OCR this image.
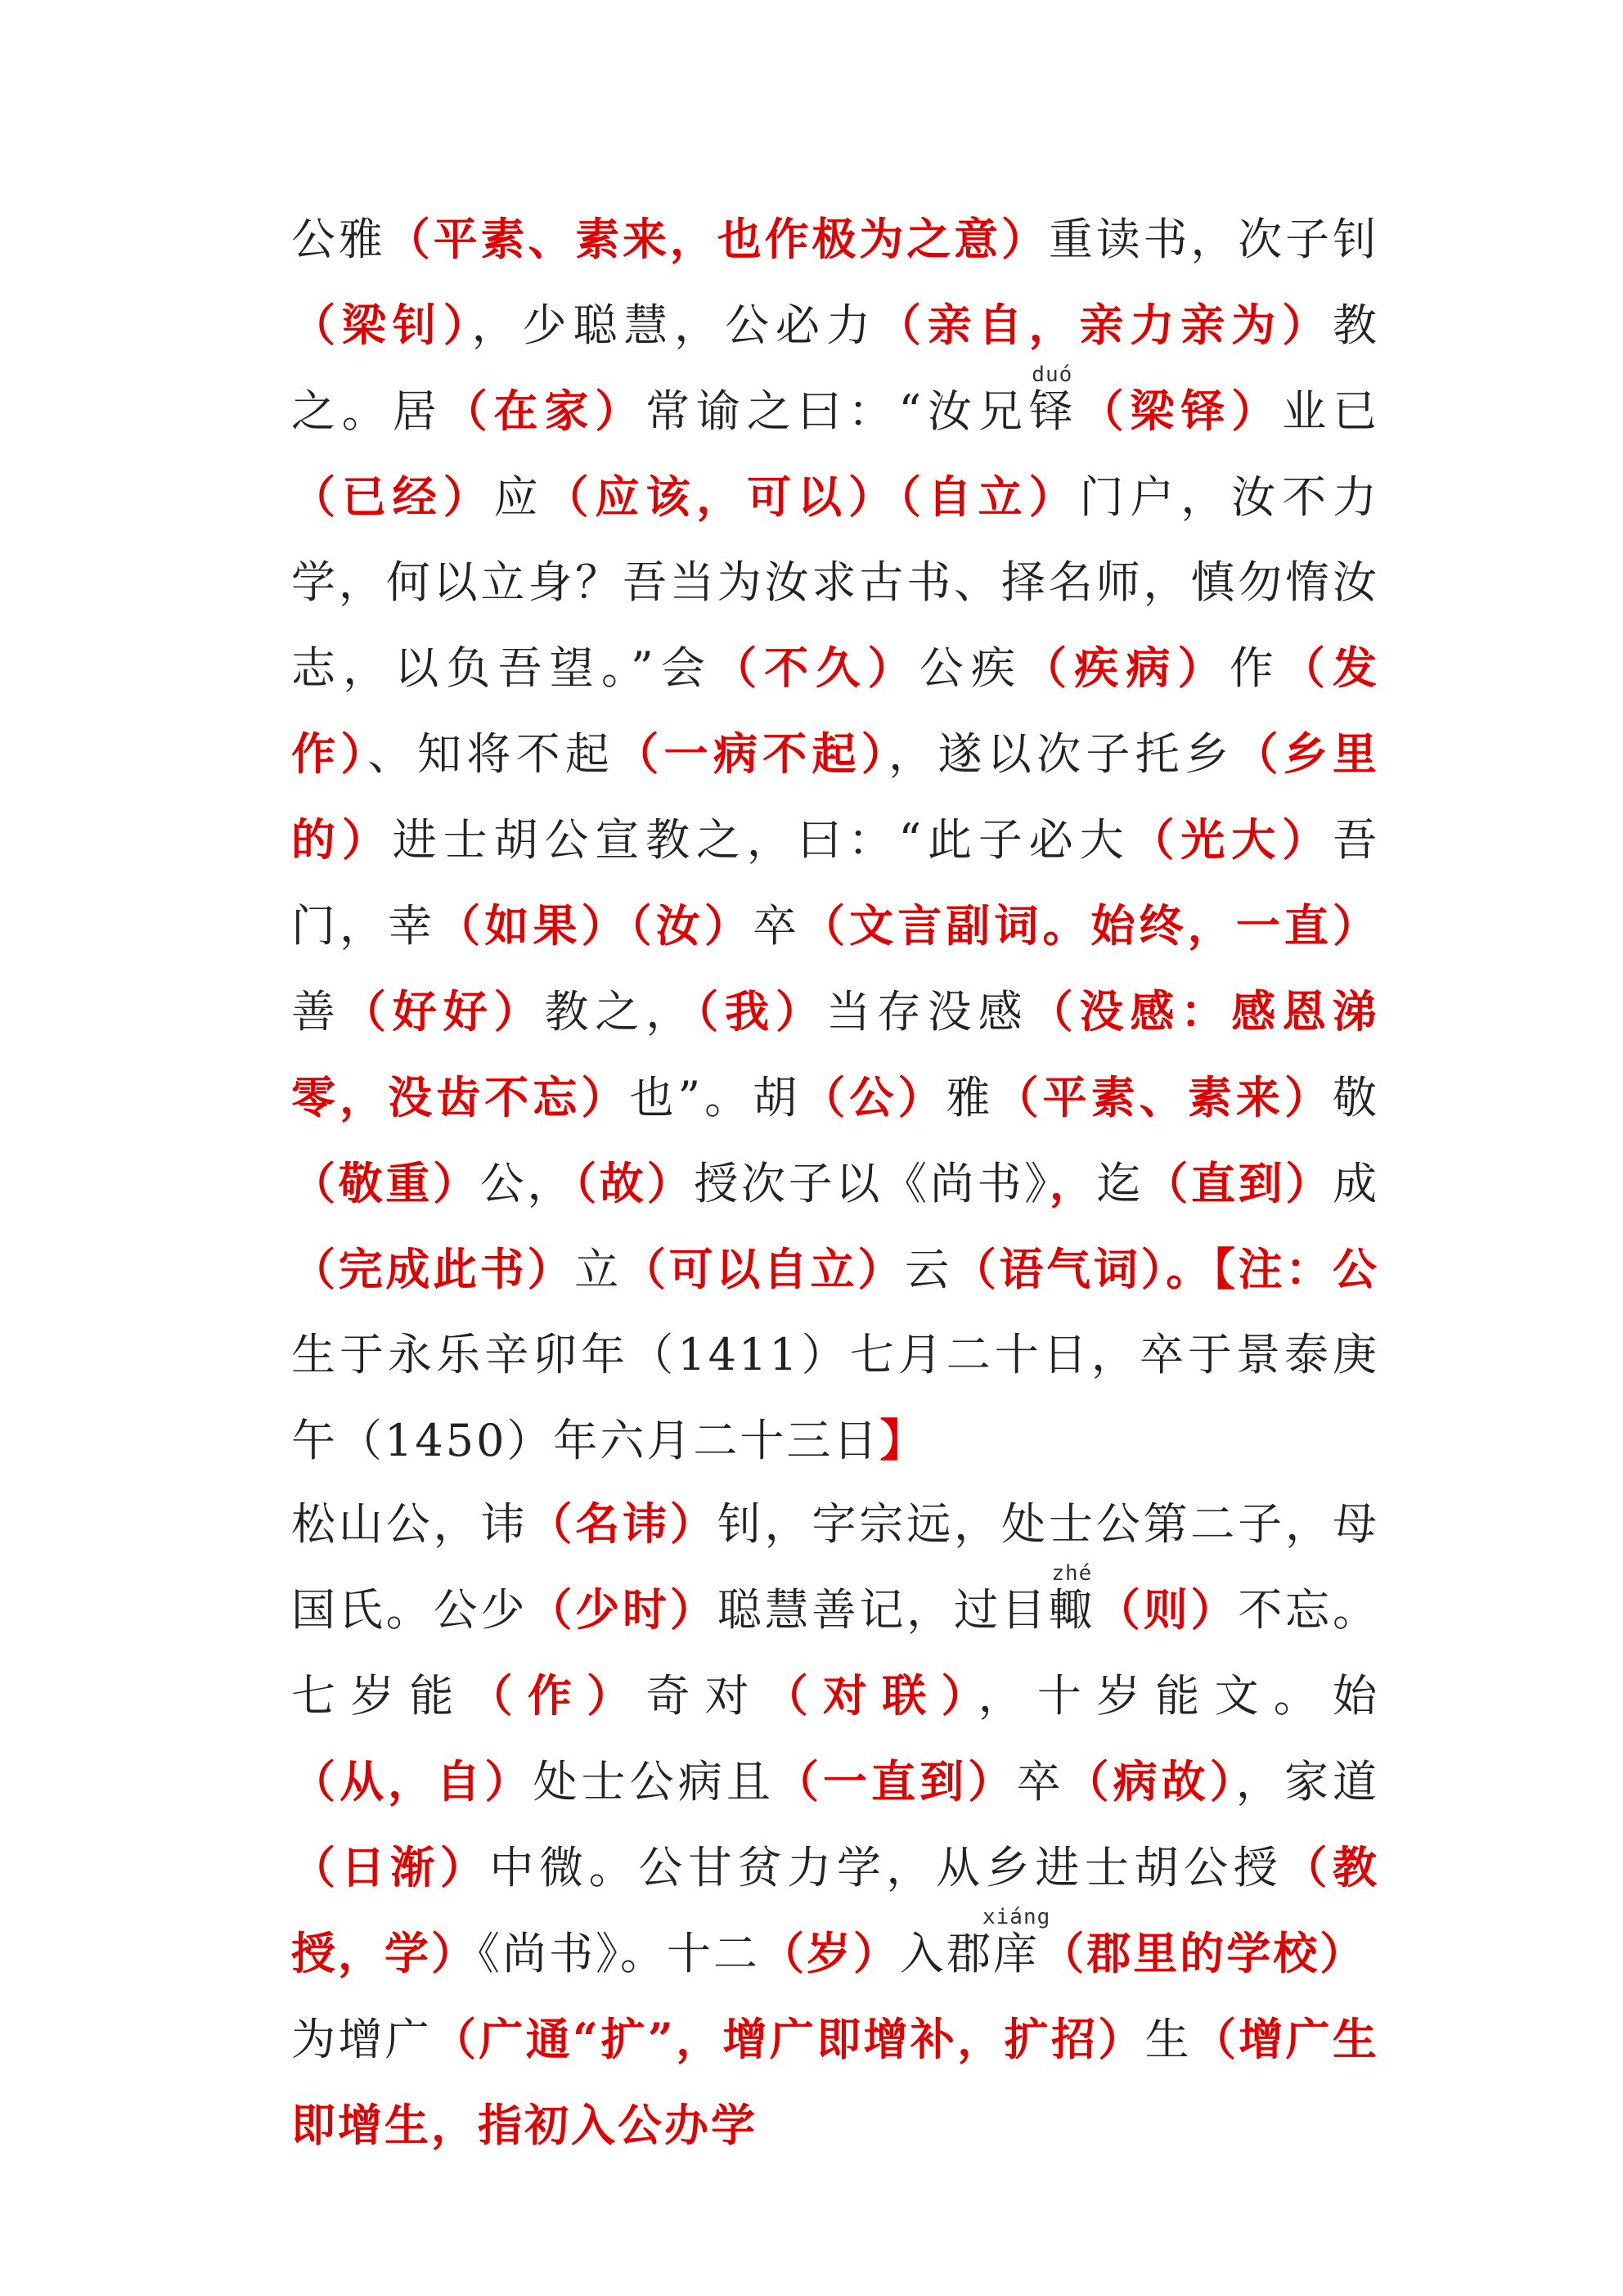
公雅（平素、素来，也作极为之意）重读书，次子钊（梁钊），少聪慧，公必力（亲自，亲力亲为）教之。居（在家）常谕之曰：“汝兄铎duó（梁铎）业已（已经）应（应该，可以）（自立）门户，汝不力学，何以立身？吾当为汝求古书、择名师，慎勿惰汝志，以负吾望。”会（不久）公疾（疾病）作（发作）、知将不起（一病不起），遂以次子托乡（乡里的）进士胡公宣教之，曰：“此子必大（光大）吾门，幸（如果）（汝）卒（文言副词。始终，一直）善（好好）教之，（我）当存没感（没感：感恩涕零，没齿不忘）也”。胡（公）雅（平素、素来）敬（敬重）公，（故）授次子以《尚书》，迄（直到）成（完成此书）立（可以自立）云（语气词）。【注：公生于永乐辛卯年（1411）七月二十日，卒于景泰庚午（1450）年六月二十三日】

松山公，讳（名讳）钊，字宗远，处士公第二子，母国氏。公少（少时）聪慧善记，过目輙zhé（则）不忘。七岁能（作）奇对（对联），十岁能文。始（从，自）处士公病且（一直到）卒（病故），家道（日渐）中微。公甘贫力学，从乡进士胡公授（教授，学）《尚书》。十二（岁）入郡庠xiáng（郡里的学校）为增广（广通“扩”，增广即增补，扩招）生（增广生即增生，指初入公办学
